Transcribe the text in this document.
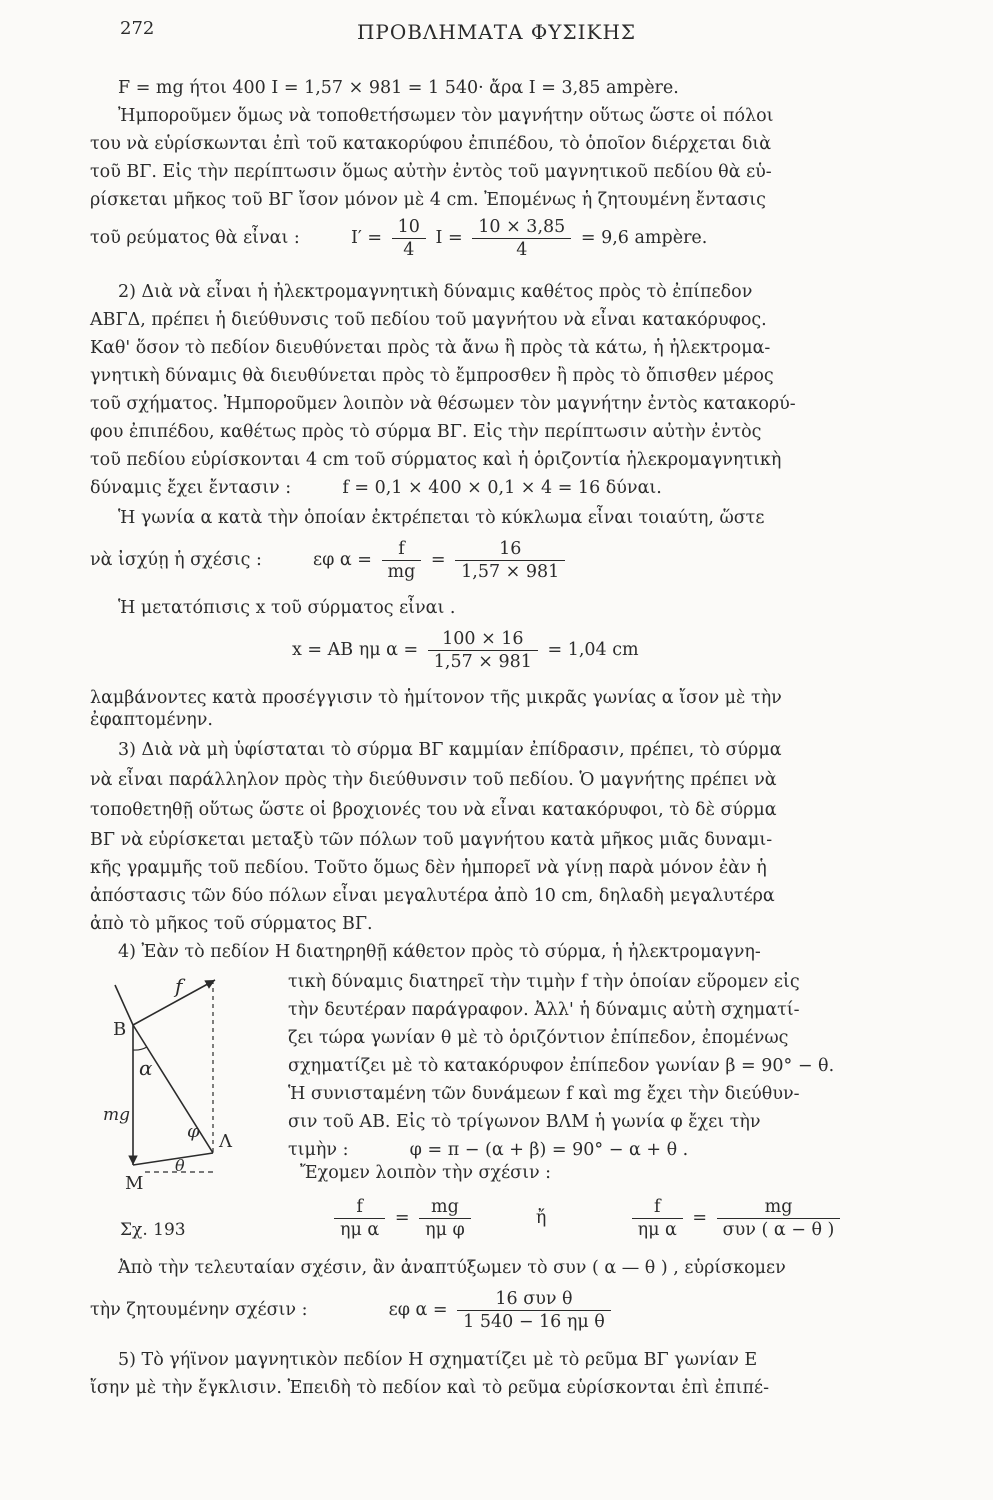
272	ΠΡΟΒΛΗΜΑΤΑ ΦΥΣΙΚΗΣ
F = mg ήτοι 400 I = 1,57 × 981 = 1 540· ἄρα I = 3,85 ampère.
Ἠμποροῦμεν ὅμως νὰ τοποθετήσωμεν τὸν μαγνήτην οὕτως ὥστε οἱ πόλοι
του νὰ εὑρίσκωνται ἐπὶ τοῦ κατακορύφου ἐπιπέδου, τὸ ὁποῖον διέρχεται διὰ
τοῦ ΒΓ. Εἰς τὴν περίπτωσιν ὅμως αὐτὴν ἐντὸς τοῦ μαγνητικοῦ πεδίου θὰ εὑ-
ρίσκεται μῆκος τοῦ ΒΓ ἴσον μόνον μὲ 4 cm. Ἐπομένως ἡ ζητουμένη ἔντασις
τοῦ ρεύματος θὰ εἶναι :	$I' = \frac{10}{4}$ $I = \frac{10 \times 3,85}{4} = 9,6$ ampère.
2) Διὰ νὰ εἶναι ἡ ἠλεκτρομαγνητικὴ δύναμις καθέτος πρὸς τὸ ἐπίπεδον
ΑΒΓΔ, πρέπει ἡ διεύθυνσις τοῦ πεδίου τοῦ μαγνήτου νὰ εἶναι κατακόρυφος.
Καθ' ὅσον τὸ πεδίον διευθύνεται πρὸς τὰ ἄνω ἢ πρὸς τὰ κάτω, ἡ ἠλεκτρομα-
γνητικὴ δύναμις θὰ διευθύνεται πρὸς τὸ ἔμπροσθεν ἢ πρὸς τὸ ὄπισθεν μέρος
τοῦ σχήματος. Ἠμποροῦμεν λοιπὸν νὰ θέσωμεν τὸν μαγνήτην ἐντὸς κατακορύ-
φου ἐπιπέδου, καθέτως πρὸς τὸ σύρμα ΒΓ. Εἰς τὴν περίπτωσιν αὐτὴν ἐντὸς
τοῦ πεδίου εὑρίσκονται 4 cm τοῦ σύρματος καὶ ἡ ὁριζοντία ἠλεκρομαγνητικὴ
δύναμις ἔχει ἔντασιν :	f = 0,1 × 400 × 0,1 × 4 = 16 δύναι.
Ἡ γωνία α κατὰ τὴν ὁποίαν ἐκτρέπεται τὸ κύκλωμα εἶναι τοιαύτη, ὥστε
νὰ ἰσχύῃ ἡ σχέσις :	εφ $\alpha = \frac{f}{mg} = \frac{16}{1,57 \times 981}$
Ἡ μετατόπισις x τοῦ σύρματος εἶναι .
x = ΑΒ ημ $\alpha = \frac{100 \times 16}{1,57 \times 981} = 1,04$ cm
λαμβάνοντες κατὰ προσέγγισιν τὸ ἡμίτονον τῆς μικρᾶς γωνίας α ἴσον μὲ τὴν
ἐφαπτομένην.
3) Διὰ νὰ μὴ ὑφίσταται τὸ σύρμα ΒΓ καμμίαν ἐπίδρασιν, πρέπει, τὸ σύρμα
νὰ εἶναι παράλληλον πρὸς τὴν διεύθυνσιν τοῦ πεδίου. Ὁ μαγνήτης πρέπει νὰ
τοποθετηθῇ οὕτως ὥστε οἱ βροχιονές του νὰ εἶναι κατακόρυφοι, τὸ δὲ σύρμα
ΒΓ νὰ εὑρίσκεται μεταξὺ τῶν πόλων τοῦ μαγνήτου κατὰ μῆκος μιᾶς δυναμι-
κῆς γραμμῆς τοῦ πεδίου. Τοῦτο ὅμως δὲν ἠμπορεῖ νὰ γίνῃ παρὰ μόνον ἐὰν ἡ
ἀπόστασις τῶν δύο πόλων εἶναι μεγαλυτέρα ἀπὸ 10 cm, δηλαδὴ μεγαλυτέρα
ἀπὸ τὸ μῆκος τοῦ σύρματος ΒΓ.
4) Ἐὰν τὸ πεδίον Η διατηρηθῇ κάθετον πρὸς τὸ σύρμα, ἡ ἠλεκτρομαγνη-
τικὴ δύναμις διατηρεῖ τὴν τιμὴν f τὴν ὁποίαν εὕρομεν εἰς
τὴν δευτέραν παράγραφον. Ἀλλ' ἡ δύναμις αὐτὴ σχηματί-
ζει τώρα γωνίαν θ μὲ τὸ ὁριζόντιον ἐπίπεδον, ἐπομένως
σχηματίζει μὲ τὸ κατακόρυφον ἐπίπεδον γωνίαν β = 90° − θ.
Ἡ συνισταμένη τῶν δυνάμεων f καὶ mg ἔχει τὴν διεύθυν-
σιν τοῦ ΑΒ. Εἰς τὸ τρίγωνον ΒΛΜ ἡ γωνία φ ἔχει τὴν
τιμὴν :	φ = π − (α + β) = 90° − α + θ .
Ἔχομεν λοιπὸν τὴν σχέσιν :
f
B
α
mg
φ Λ
θ
M
Σχ. 193	$\frac{f}{\text{ημ α}} = \frac{mg}{\text{ημ φ}}$	ἤ	$\frac{f}{\text{ημ α}} = \frac{mg}{\text{συν ( α − θ )}}$
Ἀπὸ τὴν τελευταίαν σχέσιν, ἂν ἀναπτύξωμεν τὸ συν ( α — θ ) , εὑρίσκομεν
τὴν ζητουμένην σχέσιν :	εφ $\alpha = \frac{\text{16 συν θ}}{\text{1 540 − 16 ημ θ}}$
5) Τὸ γήϊνον μαγνητικὸν πεδίον Η σχηματίζει μὲ τὸ ρεῦμα ΒΓ γωνίαν Ε
ἴσην μὲ τὴν ἔγκλισιν. Ἐπειδὴ τὸ πεδίον καὶ τὸ ρεῦμα εὑρίσκονται ἐπὶ ἐπιπέ-
